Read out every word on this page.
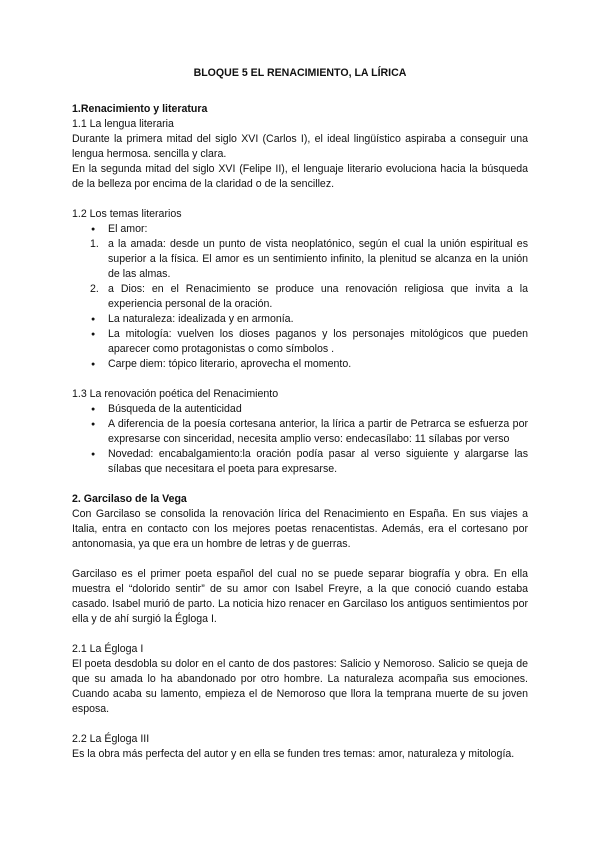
BLOQUE 5 EL RENACIMIENTO, LA LÍRICA
1.Renacimiento y literatura
1.1 La lengua literaria

Durante la primera mitad del siglo XVI (Carlos I), el ideal lingüístico aspiraba a conseguir una lengua hermosa. sencilla y clara.

En la segunda mitad del siglo XVI (Felipe II), el lenguaje literario evoluciona hacia la búsqueda de la belleza por encima de la claridad o de la sencillez.

1.2 Los temas literarios
●	El amor:
1. a la amada: desde un punto de vista neoplatónico, según el cual la unión espiritual es superior a la física. El amor es un sentimiento infinito, la plenitud se alcanza en la unión de las almas.
2. a Dios: en el Renacimiento se produce una renovación religiosa que invita a la experiencia personal de la oración.
●	La naturaleza: idealizada y en armonía.
●	La mitología: vuelven los dioses paganos y los personajes mitológicos que pueden aparecer como protagonistas o como símbolos .
●	Carpe diem: tópico literario, aprovecha el momento.
1.3 La renovación poética del Renacimiento
●	Búsqueda de la autenticidad
●	A diferencia de la poesía cortesana anterior, la lírica a partir de Petrarca se esfuerza por expresarse con sinceridad, necesita amplio verso: endecasílabo: 11 sílabas por verso
●	Novedad: encabalgamiento:la oración podía pasar al verso siguiente y alargarse las sílabas que necesitara el poeta para expresarse.
2. Garcilaso de la Vega

Con Garcilaso se consolida la renovación lírica del Renacimiento en España. En sus viajes a Italia, entra en contacto con los mejores poetas renacentistas. Además, era el cortesano por antonomasia, ya que era un hombre de letras y de guerras.

Garcilaso es el primer poeta español del cual no se puede separar biografía y obra. En ella muestra el “dolorido sentir” de su amor con Isabel Freyre, a la que conoció cuando estaba casado. Isabel murió de parto. La noticia hizo renacer en Garcilaso los antiguos sentimientos por ella y de ahí surgió la Égloga I.

2.1 La Égloga I

El poeta desdobla su dolor en el canto de dos pastores: Salicio y Nemoroso. Salicio se queja de que su amada lo ha abandonado por otro hombre. La naturaleza acompaña sus emociones. Cuando acaba su lamento, empieza el de Nemoroso que llora la temprana muerte de su joven esposa.

2.2 La Égloga III

Es la obra más perfecta del autor y en ella se funden tres temas: amor, naturaleza y mitología.
